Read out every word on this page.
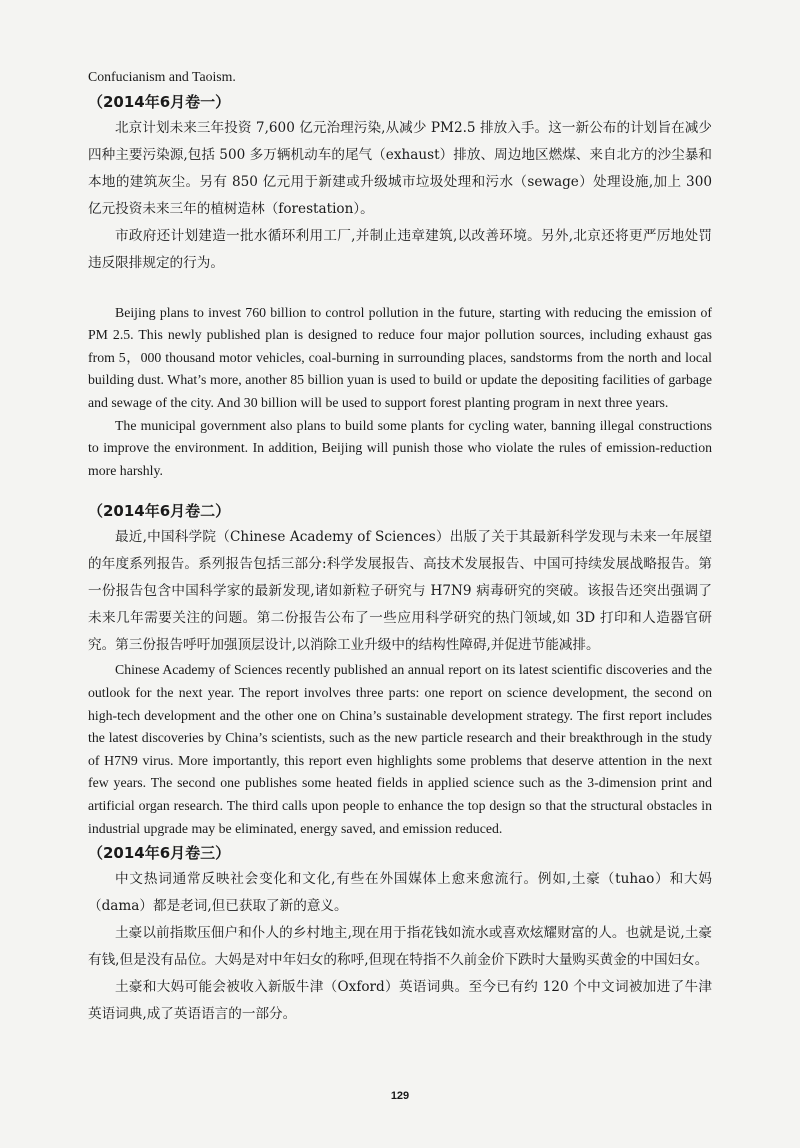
Confucianism and Taoism.

（2014年6月卷一）

北京计划未来三年投资 7,600 亿元治理污染,从减少 PM2.5 排放入手。这一新公布的计划旨在减少四种主要污染源,包括 500 多万辆机动车的尾气（exhaust）排放、周边地区燃煤、来自北方的沙尘暴和本地的建筑灰尘。另有 850 亿元用于新建或升级城市垃圾处理和污水（sewage）处理设施,加上 300 亿元投资未来三年的植树造林（forestation）。

市政府还计划建造一批水循环利用工厂,并制止违章建筑,以改善环境。另外,北京还将更严厉地处罚违反限排规定的行为。

Beijing plans to invest 760 billion to control pollution in the future, starting with reducing the emission of PM 2.5. This newly published plan is designed to reduce four major pollution sources, including exhaust gas from 5，000 thousand motor vehicles, coal-burning in surrounding places, sandstorms from the north and local building dust. What’s more, another 85 billion yuan is used to build or update the depositing facilities of garbage and sewage of the city. And 30 billion will be used to support forest planting program in next three years.

The municipal government also plans to build some plants for cycling water, banning illegal constructions to improve the environment. In addition, Beijing will punish those who violate the rules of emission-reduction more harshly.

（2014年6月卷二）

最近,中国科学院（Chinese Academy of Sciences）出版了关于其最新科学发现与未来一年展望的年度系列报告。系列报告包括三部分:科学发展报告、高技术发展报告、中国可持续发展战略报告。第一份报告包含中国科学家的最新发现,诸如新粒子研究与 H7N9 病毒研究的突破。该报告还突出强调了未来几年需要关注的问题。第二份报告公布了一些应用科学研究的热门领域,如 3D 打印和人造器官研究。第三份报告呼吁加强顶层设计,以消除工业升级中的结构性障碍,并促进节能减排。

Chinese Academy of Sciences recently published an annual report on its latest scientific discoveries and the outlook for the next year. The report involves three parts: one report on science development, the second on high-tech development and the other one on China’s sustainable development strategy. The first report includes the latest discoveries by China’s scientists, such as the new particle research and their breakthrough in the study of H7N9 virus. More importantly, this report even highlights some problems that deserve attention in the next few years. The second one publishes some heated fields in applied science such as the 3-dimension print and artificial organ research. The third calls upon people to enhance the top design so that the structural obstacles in industrial upgrade may be eliminated, energy saved, and emission reduced.

（2014年6月卷三）

中文热词通常反映社会变化和文化,有些在外国媒体上愈来愈流行。例如,土豪（tuhao）和大妈（dama）都是老词,但已获取了新的意义。

土豪以前指欺压佃户和仆人的乡村地主,现在用于指花钱如流水或喜欢炫耀财富的人。也就是说,土豪有钱,但是没有品位。大妈是对中年妇女的称呼,但现在特指不久前金价下跌时大量购买黄金的中国妇女。

土豪和大妈可能会被收入新版牛津（Oxford）英语词典。至今已有约 120 个中文词被加进了牛津英语词典,成了英语语言的一部分。

129
